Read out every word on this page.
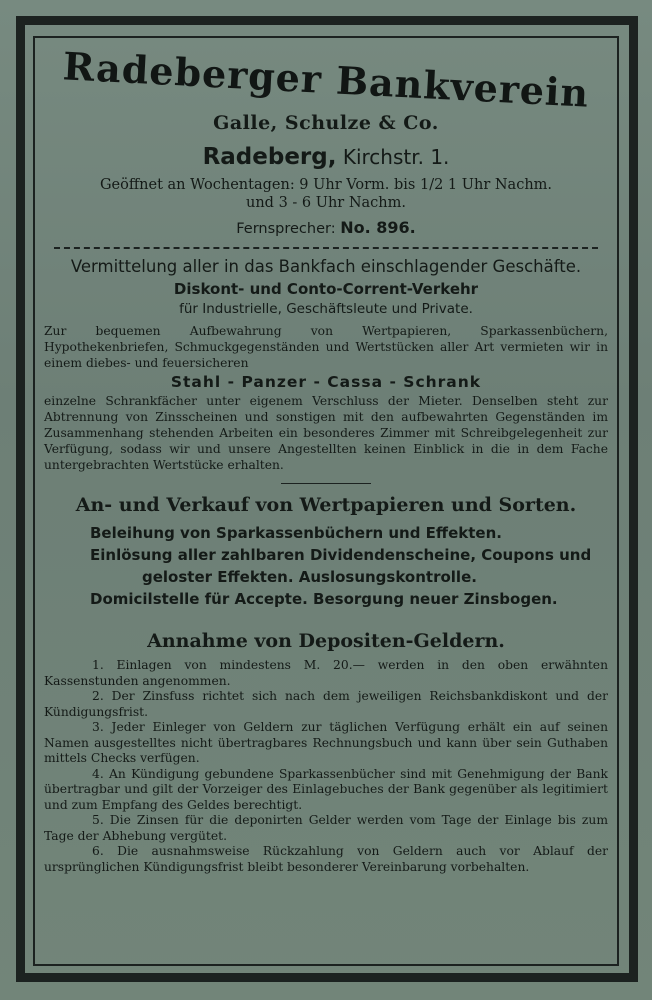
Radeberger Bankverein
Galle, Schulze & Co.
Radeberg, Kirchstr. 1.
Geöffnet an Wochentagen: 9 Uhr Vorm. bis 1/2 1 Uhr Nachm.
und 3 - 6 Uhr Nachm.
Fernsprecher: No. 896.
Vermittelung aller in das Bankfach einschlagender Geschäfte.
Diskont- und Conto-Corrent-Verkehr
für Industrielle, Geschäftsleute und Private.
Zur bequemen Aufbewahrung von Wertpapieren, Sparkassenbüchern, Hypothekenbriefen, Schmuckgegenständen und Wertstücken aller Art vermieten wir in einem diebes- und feuersicheren
Stahl - Panzer - Cassa - Schrank
einzelne Schrankfächer unter eigenem Verschluss der Mieter. Denselben steht zur Abtrennung von Zinsscheinen und sonstigen mit den aufbewahrten Gegenständen im Zusammenhang stehenden Arbeiten ein besonderes Zimmer mit Schreibgelegenheit zur Verfügung, sodass wir und unsere Angestellten keinen Einblick in die in dem Fache untergebrachten Wertstücke erhalten.
An- und Verkauf von Wertpapieren und Sorten.
Beleihung von Sparkassenbüchern und Effekten.
Einlösung aller zahlbaren Dividendenscheine, Coupons und
geloster Effekten. Auslosungskontrolle.
Domicilstelle für Accepte. Besorgung neuer Zinsbogen.
Annahme von Depositen-Geldern.

1. Einlagen von mindestens M. 20.— werden in den oben erwähnten Kassenstunden angenommen.

2. Der Zinsfuss richtet sich nach dem jeweiligen Reichsbankdiskont und der Kündigungsfrist.

3. Jeder Einleger von Geldern zur täglichen Verfügung erhält ein auf seinen Namen ausgestelltes nicht übertragbares Rechnungsbuch und kann über sein Guthaben mittels Checks verfügen.

4. An Kündigung gebundene Sparkassenbücher sind mit Genehmigung der Bank übertragbar und gilt der Vorzeiger des Einlagebuches der Bank gegenüber als legitimiert und zum Empfang des Geldes berechtigt.

5. Die Zinsen für die deponirten Gelder werden vom Tage der Einlage bis zum Tage der Abhebung vergütet.

6. Die ausnahmsweise Rückzahlung von Geldern auch vor Ablauf der ursprünglichen Kündigungsfrist bleibt besonderer Vereinbarung vorbehalten.
